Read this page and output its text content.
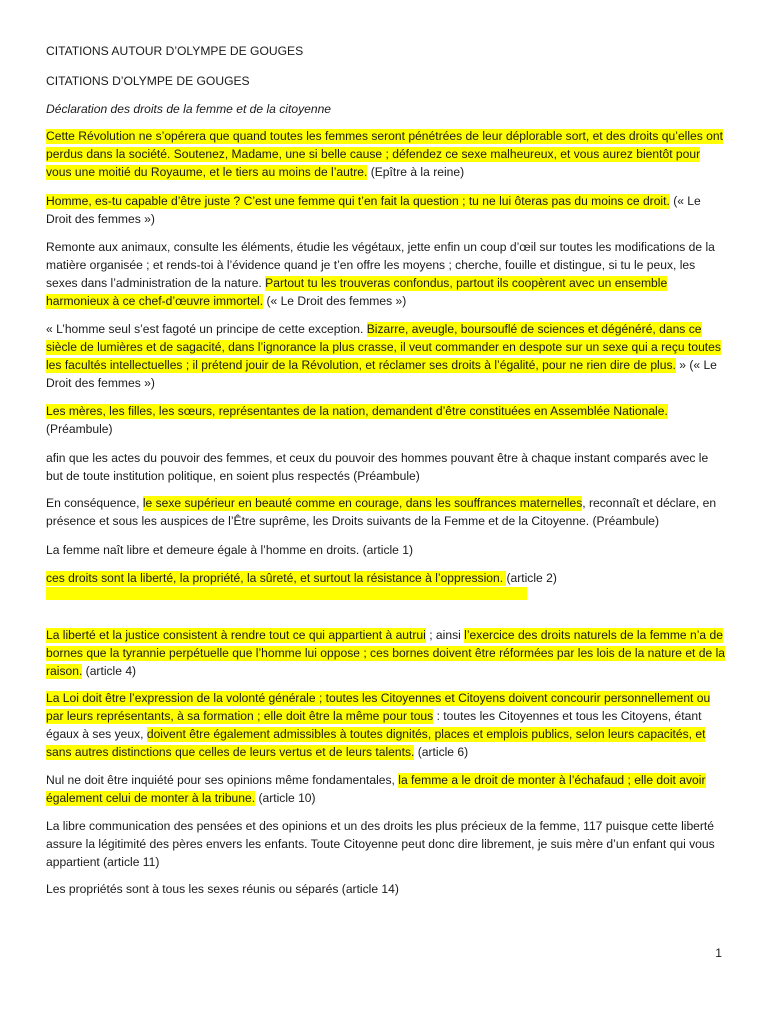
CITATIONS AUTOUR D’OLYMPE DE GOUGES
CITATIONS D’OLYMPE DE GOUGES
Déclaration des droits de la femme et de la citoyenne

Cette Révolution ne s’opérera que quand toutes les femmes seront pénétrées de leur déplorable sort, et des droits qu’elles ont perdus dans la société. Soutenez, Madame, une si belle cause ; défendez ce sexe malheureux, et vous aurez bientôt pour vous une moitié du Royaume, et le tiers au moins de l’autre. (Epître à la reine)

Homme, es-tu capable d’être juste ? C’est une femme qui t’en fait la question ; tu ne lui ôteras pas du moins ce droit. (« Le Droit des femmes »)

Remonte aux animaux, consulte les éléments, étudie les végétaux, jette enfin un coup d’œil sur toutes les modifications de la matière organisée ; et rends-toi à l’évidence quand je t’en offre les moyens ; cherche, fouille et distingue, si tu le peux, les sexes dans l’administration de la nature. Partout tu les trouveras confondus, partout ils coopèrent avec un ensemble harmonieux à ce chef-d’œuvre immortel. (« Le Droit des femmes »)

« L’homme seul s’est fagoté un principe de cette exception. Bizarre, aveugle, boursouflé de sciences et dégénéré, dans ce siècle de lumières et de sagacité, dans l’ignorance la plus crasse, il veut commander en despote sur un sexe qui a reçu toutes les facultés intellectuelles ; il prétend jouir de la Révolution, et réclamer ses droits à l’égalité, pour ne rien dire de plus. » (« Le Droit des femmes »)

Les mères, les filles, les sœurs, représentantes de la nation, demandent d’être constituées en Assemblée Nationale. (Préambule)

afin que les actes du pouvoir des femmes, et ceux du pouvoir des hommes pouvant être à chaque instant comparés avec le but de toute institution politique, en soient plus respectés (Préambule)

En conséquence, le sexe supérieur en beauté comme en courage, dans les souffrances maternelles, reconnaît et déclare, en présence et sous les auspices de l’Être suprême, les Droits suivants de la Femme et de la Citoyenne. (Préambule)

La femme naît libre et demeure égale à l’homme en droits. (article 1)

ces droits sont la liberté, la propriété, la sûreté, et surtout la résistance à l’oppression. (article 2)

La liberté et la justice consistent à rendre tout ce qui appartient à autrui ; ainsi l’exercice des droits naturels de la femme n’a de bornes que la tyrannie perpétuelle que l’homme lui oppose ; ces bornes doivent être réformées par les lois de la nature et de la raison. (article 4)

La Loi doit être l’expression de la volonté générale ; toutes les Citoyennes et Citoyens doivent concourir personnellement ou par leurs représentants, à sa formation ; elle doit être la même pour tous : toutes les Citoyennes et tous les Citoyens, étant égaux à ses yeux, doivent être également admissibles à toutes dignités, places et emplois publics, selon leurs capacités, et sans autres distinctions que celles de leurs vertus et de leurs talents. (article 6)

Nul ne doit être inquiété pour ses opinions même fondamentales, la femme a le droit de monter à l’échafaud ; elle doit avoir également celui de monter à la tribune. (article 10)

La libre communication des pensées et des opinions et un des droits les plus précieux de la femme, 117 puisque cette liberté assure la légitimité des pères envers les enfants. Toute Citoyenne peut donc dire librement, je suis mère d’un enfant qui vous appartient (article 11)

Les propriétés sont à tous les sexes réunis ou séparés (article 14)

1
